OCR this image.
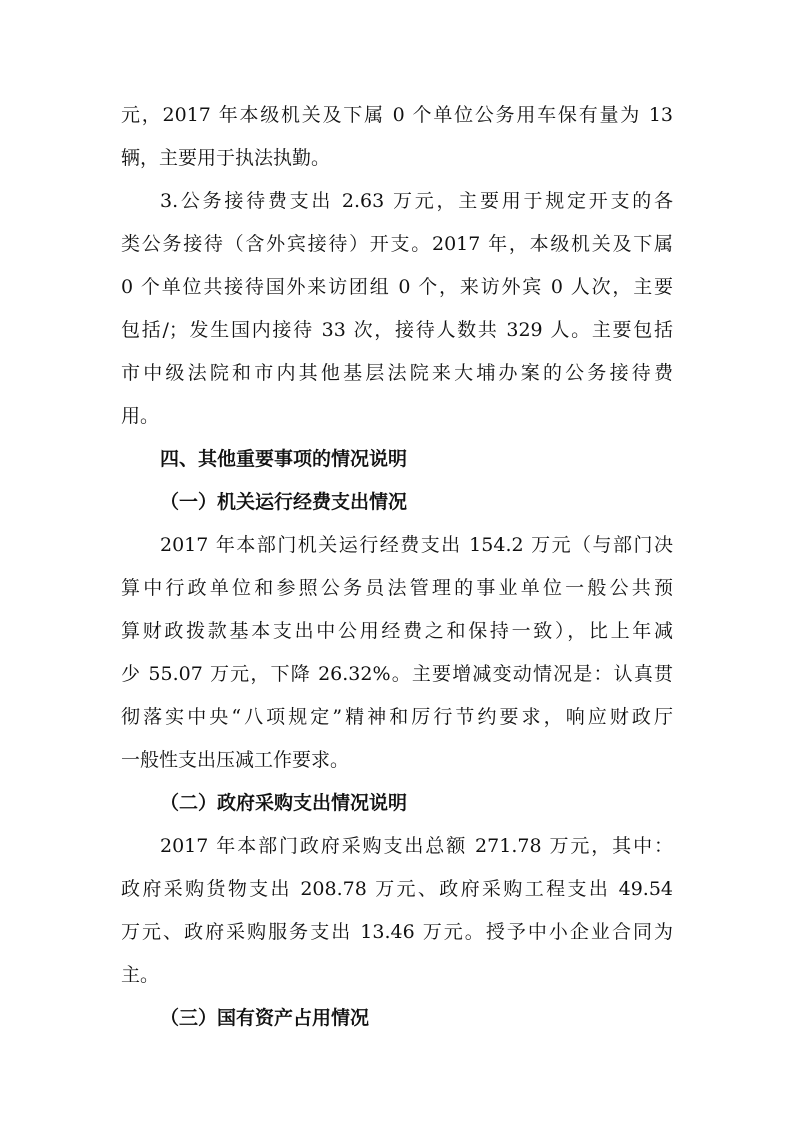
元，2017 年本级机关及下属 0 个单位公务用车保有量为 13
辆，主要用于执法执勤。
3.公务接待费支出 2.63 万元，主要用于规定开支的各
类公务接待（含外宾接待）开支。2017 年，本级机关及下属
0 个单位共接待国外来访团组 0 个，来访外宾 0 人次，主要
包括/；发生国内接待 33 次，接待人数共 329 人。主要包括
市中级法院和市内其他基层法院来大埔办案的公务接待费
用。
四、其他重要事项的情况说明
（一）机关运行经费支出情况
2017 年本部门机关运行经费支出 154.2 万元（与部门决
算中行政单位和参照公务员法管理的事业单位一般公共预
算财政拨款基本支出中公用经费之和保持一致），比上年减
少 55.07 万元，下降 26.32%。主要增减变动情况是：认真贯
彻落实中央“八项规定”精神和厉行节约要求，响应财政厅
一般性支出压减工作要求。
（二）政府采购支出情况说明
2017 年本部门政府采购支出总额 271.78 万元，其中：
政府采购货物支出 208.78 万元、政府采购工程支出 49.54
万元、政府采购服务支出 13.46 万元。授予中小企业合同为
主。
（三）国有资产占用情况
